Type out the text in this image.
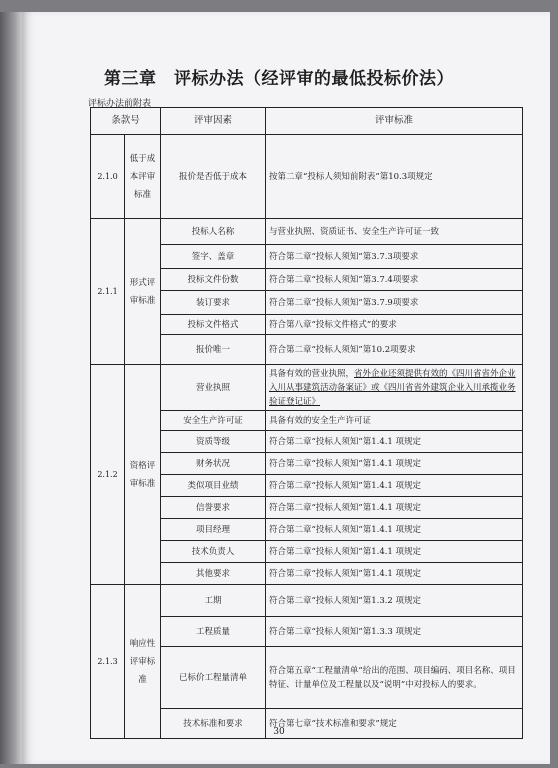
第三章　评标办法（经评审的最低投标价法）
评标办法前附表
条款号		评审因素	评审标准
2.1.0	低于成本评审标准	报价是否低于成本	按第二章“投标人须知前附表”第10.3项规定
2.1.1	形式评审标准	投标人名称	与营业执照、资质证书、安全生产许可证一致
		签字、盖章	符合第二章“投标人须知”第3.7.3项要求
		投标文件份数	符合第二章“投标人须知”第3.7.4项要求
		装订要求	符合第二章“投标人须知”第3.7.9项要求
		投标文件格式	符合第八章“投标文件格式”的要求
		报价唯一	符合第二章“投标人须知”第10.2项要求
2.1.2	资格评审标准	营业执照	具备有效的营业执照，省外企业还须提供有效的《四川省省外企业入川从事建筑活动备案证》或《四川省省外建筑企业入川承揽业务验证登记证》
		安全生产许可证	具备有效的安全生产许可证
		资质等级	符合第二章“投标人须知”第1.4.1 项规定
		财务状况	符合第二章“投标人须知”第1.4.1 项规定
		类似项目业绩	符合第二章“投标人须知”第1.4.1 项规定
		信誉要求	符合第二章“投标人须知”第1.4.1 项规定
		项目经理	符合第二章“投标人须知”第1.4.1 项规定
		技术负责人	符合第二章“投标人须知”第1.4.1 项规定
		其他要求	符合第二章“投标人须知”第1.4.1 项规定
2.1.3	响应性评审标准	工期	符合第二章“投标人须知”第1.3.2 项规定
		工程质量	符合第二章“投标人须知”第1.3.3 项规定
		已标价工程量清单	符合第五章“工程量清单”给出的范围、项目编码、项目名称、项目特征、计量单位及工程量以及“说明”中对投标人的要求。
		技术标准和要求	符合第七章“技术标准和要求”规定
30
